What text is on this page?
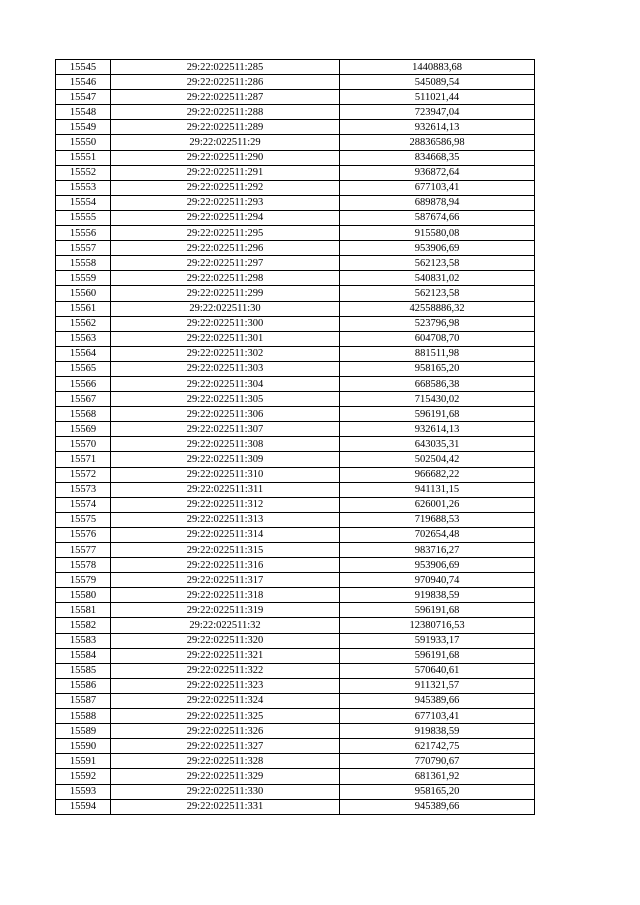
15545	29:22:022511:285	1440883,68
15546	29:22:022511:286	545089,54
15547	29:22:022511:287	511021,44
15548	29:22:022511:288	723947,04
15549	29:22:022511:289	932614,13
15550	29:22:022511:29	28836586,98
15551	29:22:022511:290	834668,35
15552	29:22:022511:291	936872,64
15553	29:22:022511:292	677103,41
15554	29:22:022511:293	689878,94
15555	29:22:022511:294	587674,66
15556	29:22:022511:295	915580,08
15557	29:22:022511:296	953906,69
15558	29:22:022511:297	562123,58
15559	29:22:022511:298	540831,02
15560	29:22:022511:299	562123,58
15561	29:22:022511:30	42558886,32
15562	29:22:022511:300	523796,98
15563	29:22:022511:301	604708,70
15564	29:22:022511:302	881511,98
15565	29:22:022511:303	958165,20
15566	29:22:022511:304	668586,38
15567	29:22:022511:305	715430,02
15568	29:22:022511:306	596191,68
15569	29:22:022511:307	932614,13
15570	29:22:022511:308	643035,31
15571	29:22:022511:309	502504,42
15572	29:22:022511:310	966682,22
15573	29:22:022511:311	941131,15
15574	29:22:022511:312	626001,26
15575	29:22:022511:313	719688,53
15576	29:22:022511:314	702654,48
15577	29:22:022511:315	983716,27
15578	29:22:022511:316	953906,69
15579	29:22:022511:317	970940,74
15580	29:22:022511:318	919838,59
15581	29:22:022511:319	596191,68
15582	29:22:022511:32	12380716,53
15583	29:22:022511:320	591933,17
15584	29:22:022511:321	596191,68
15585	29:22:022511:322	570640,61
15586	29:22:022511:323	911321,57
15587	29:22:022511:324	945389,66
15588	29:22:022511:325	677103,41
15589	29:22:022511:326	919838,59
15590	29:22:022511:327	621742,75
15591	29:22:022511:328	770790,67
15592	29:22:022511:329	681361,92
15593	29:22:022511:330	958165,20
15594	29:22:022511:331	945389,66
